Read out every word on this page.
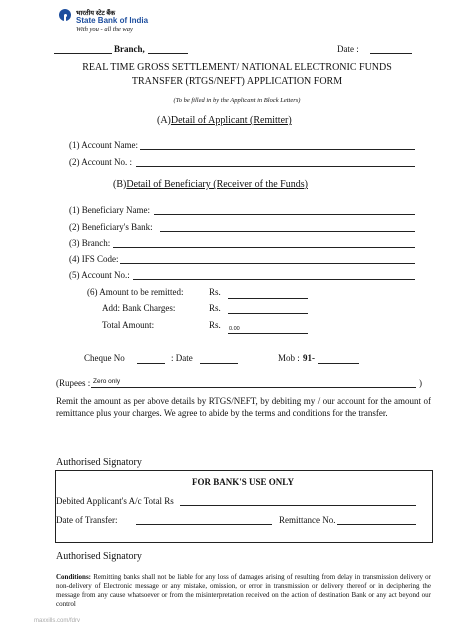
भारतीय स्टेट बैंक
State Bank of India
With you - all the way
Branch,	Date :
REAL TIME GROSS SETTLEMENT/ NATIONAL ELECTRONIC FUNDS
TRANSFER (RTGS/NEFT) APPLICATION FORM
(To be filled in by the Applicant in Block Letters)
(A)Detail of Applicant (Remitter)
(1) Account Name:
(2) Account No. :
(B)Detail of Beneficiary (Receiver of the Funds)
(1) Beneficiary Name:
(2) Beneficiary's Bank:
(3) Branch:
(4) IFS Code:
(5) Account No.:
(6) Amount to be remitted:	Rs.
Add: Bank Charges:	Rs.
Total Amount:	Rs. 0.00
Cheque No	: Date	Mob : 91-
(Rupees : Zero only	)
Remit the amount as per above details by RTGS/NEFT, by debiting my / our account for the amount of remittance plus your charges. We agree to abide by the terms and conditions for the transfer.
Authorised Signatory
FOR BANK'S USE ONLY
Debited Applicant's A/c Total Rs
Date of Transfer:	Remittance No.
Authorised Signatory
Conditions: Remitting banks shall not be liable for any loss of damages arising of resulting from delay in transmission delivery or non-delivery of Electronic message or any mistake, omission, or error in transmission or delivery thereof or in deciphering the message from any cause whatsoever or from the misinterpretation received on the action of destination Bank or any act beyond our control
maxxills.com/fdrv
